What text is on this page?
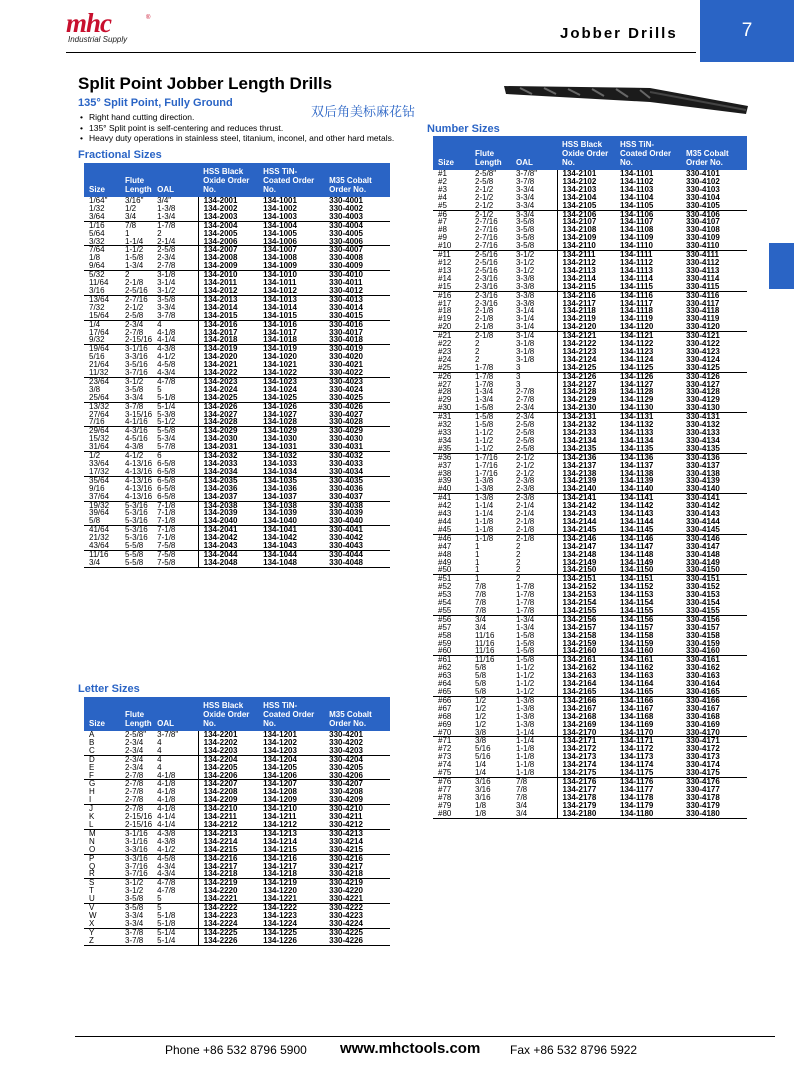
mhc	®
Industrial Supply	Jobber Drills	7
Split Point Jobber Length Drills
135° Split Point, Fully Ground
双后角美标麻花钻
• Right hand cutting direction.
• 135° Split point is self-centering and reduces thrust.
• Heavy duty operations in stainless steel, titanium, inconel, and other hard metals.
Fractional Sizes
Size	Flute Length	OAL	HSS Black Oxide Order No.	HSS TiN-Coated Order No.	M35 Cobalt Order No.
1/64"	3/16"	3/4"	134-2001	134-1001	330-4001
1/32	1/2	1-3/8	134-2002	134-1002	330-4002
3/64	3/4	1-3/4	134-2003	134-1003	330-4003
1/16	7/8	1-7/8	134-2004	134-1004	330-4004
5/64	1	2	134-2005	134-1005	330-4005
3/32	1-1/4	2-1/4	134-2006	134-1006	330-4006
7/64	1-1/2	2-5/8	134-2007	134-1007	330-4007
1/8	1-5/8	2-3/4	134-2008	134-1008	330-4008
9/64	1-3/4	2-7/8	134-2009	134-1009	330-4009
5/32	2	3-1/8	134-2010	134-1010	330-4010
11/64	2-1/8	3-1/4	134-2011	134-1011	330-4011
3/16	2-5/16	3-1/2	134-2012	134-1012	330-4012
13/64	2-7/16	3-5/8	134-2013	134-1013	330-4013
7/32	2-1/2	3-3/4	134-2014	134-1014	330-4014
15/64	2-5/8	3-7/8	134-2015	134-1015	330-4015
1/4	2-3/4	4	134-2016	134-1016	330-4016
17/64	2-7/8	4-1/8	134-2017	134-1017	330-4017
9/32	2-15/16	4-1/4	134-2018	134-1018	330-4018
19/64	3-1/16	4-3/8	134-2019	134-1019	330-4019
5/16	3-3/16	4-1/2	134-2020	134-1020	330-4020
21/64	3-5/16	4-5/8	134-2021	134-1021	330-4021
11/32	3-7/16	4-3/4	134-2022	134-1022	330-4022
23/64	3-1/2	4-7/8	134-2023	134-1023	330-4023
3/8	3-5/8	5	134-2024	134-1024	330-4024
25/64	3-3/4	5-1/8	134-2025	134-1025	330-4025
13/32	3-7/8	5-1/4	134-2026	134-1026	330-4026
27/64	3-15/16	5-3/8	134-2027	134-1027	330-4027
7/16	4-1/16	5-1/2	134-2028	134-1028	330-4028
29/64	4-3/16	5-5/8	134-2029	134-1029	330-4029
15/32	4-5/16	5-3/4	134-2030	134-1030	330-4030
31/64	4-3/8	5-7/8	134-2031	134-1031	330-4031
1/2	4-1/2	6	134-2032	134-1032	330-4032
33/64	4-13/16	6-5/8	134-2033	134-1033	330-4033
17/32	4-13/16	6-5/8	134-2034	134-1034	330-4034
35/64	4-13/16	6-5/8	134-2035	134-1035	330-4035
9/16	4-13/16	6-5/8	134-2036	134-1036	330-4036
37/64	4-13/16	6-5/8	134-2037	134-1037	330-4037
19/32	5-3/16	7-1/8	134-2038	134-1038	330-4038
39/64	5-3/16	7-1/8	134-2039	134-1039	330-4039
5/8	5-3/16	7-1/8	134-2040	134-1040	330-4040
41/64	5-3/16	7-1/8	134-2041	134-1041	330-4041
21/32	5-3/16	7-1/8	134-2042	134-1042	330-4042
43/64	5-5/8	7-5/8	134-2043	134-1043	330-4043
11/16	5-5/8	7-5/8	134-2044	134-1044	330-4044
3/4	5-5/8	7-5/8	134-2048	134-1048	330-4048
Letter Sizes
Size	Flute Length	OAL	HSS Black Oxide Order No.	HSS TiN-Coated Order No.	M35 Cobalt Order No.
A	2-5/8"	3-7/8"	134-2201	134-1201	330-4201
B	2-3/4	4	134-2202	134-1202	330-4202
C	2-3/4	4	134-2203	134-1203	330-4203
D	2-3/4	4	134-2204	134-1204	330-4204
E	2-3/4	4	134-2205	134-1205	330-4205
F	2-7/8	4-1/8	134-2206	134-1206	330-4206
G	2-7/8	4-1/8	134-2207	134-1207	330-4207
H	2-7/8	4-1/8	134-2208	134-1208	330-4208
I	2-7/8	4-1/8	134-2209	134-1209	330-4209
J	2-7/8	4-1/8	134-2210	134-1210	330-4210
K	2-15/16	4-1/4	134-2211	134-1211	330-4211
L	2-15/16	4-1/4	134-2212	134-1212	330-4212
M	3-1/16	4-3/8	134-2213	134-1213	330-4213
N	3-1/16	4-3/8	134-2214	134-1214	330-4214
O	3-3/16	4-1/2	134-2215	134-1215	330-4215
P	3-3/16	4-5/8	134-2216	134-1216	330-4216
Q	3-7/16	4-3/4	134-2217	134-1217	330-4217
R	3-7/16	4-3/4	134-2218	134-1218	330-4218
S	3-1/2	4-7/8	134-2219	134-1219	330-4219
T	3-1/2	4-7/8	134-2220	134-1220	330-4220
U	3-5/8	5	134-2221	134-1221	330-4221
V	3-5/8	5	134-2222	134-1222	330-4222
W	3-3/4	5-1/8	134-2223	134-1223	330-4223
X	3-3/4	5-1/8	134-2224	134-1224	330-4224
Y	3-7/8	5-1/4	134-2225	134-1225	330-4225
Z	3-7/8	5-1/4	134-2226	134-1226	330-4226
Number Sizes
Size	Flute Length	OAL	HSS Black Oxide Order No.	HSS TiN-Coated Order No.	M35 Cobalt Order No.
#1	2-5/8"	3-7/8"	134-2101	134-1101	330-4101
#2	2-5/8	3-7/8	134-2102	134-1102	330-4102
#3	2-1/2	3-3/4	134-2103	134-1103	330-4103
#4	2-1/2	3-3/4	134-2104	134-1104	330-4104
#5	2-1/2	3-3/4	134-2105	134-1105	330-4105
#6	2-1/2	3-3/4	134-2106	134-1106	330-4106
#7	2-7/16	3-5/8	134-2107	134-1107	330-4107
#8	2-7/16	3-5/8	134-2108	134-1108	330-4108
#9	2-7/16	3-5/8	134-2109	134-1109	330-4109
#10	2-7/16	3-5/8	134-2110	134-1110	330-4110
#11	2-5/16	3-1/2	134-2111	134-1111	330-4111
#12	2-5/16	3-1/2	134-2112	134-1112	330-4112
#13	2-5/16	3-1/2	134-2113	134-1113	330-4113
#14	2-3/16	3-3/8	134-2114	134-1114	330-4114
#15	2-3/16	3-3/8	134-2115	134-1115	330-4115
#16	2-3/16	3-3/8	134-2116	134-1116	330-4116
#17	2-3/16	3-3/8	134-2117	134-1117	330-4117
#18	2-1/8	3-1/4	134-2118	134-1118	330-4118
#19	2-1/8	3-1/4	134-2119	134-1119	330-4119
#20	2-1/8	3-1/4	134-2120	134-1120	330-4120
#21	2-1/8	3-1/4	134-2121	134-1121	330-4121
#22	2	3-1/8	134-2122	134-1122	330-4122
#23	2	3-1/8	134-2123	134-1123	330-4123
#24	2	3-1/8	134-2124	134-1124	330-4124
#25	1-7/8	3	134-2125	134-1125	330-4125
#26	1-7/8	3	134-2126	134-1126	330-4126
#27	1-7/8	3	134-2127	134-1127	330-4127
#28	1-3/4	2-7/8	134-2128	134-1128	330-4128
#29	1-3/4	2-7/8	134-2129	134-1129	330-4129
#30	1-5/8	2-3/4	134-2130	134-1130	330-4130
#31	1-5/8	2-3/4	134-2131	134-1131	330-4131
#32	1-5/8	2-5/8	134-2132	134-1132	330-4132
#33	1-1/2	2-5/8	134-2133	134-1133	330-4133
#34	1-1/2	2-5/8	134-2134	134-1134	330-4134
#35	1-1/2	2-5/8	134-2135	134-1135	330-4135
#36	1-7/16	2-1/2	134-2136	134-1136	330-4136
#37	1-7/16	2-1/2	134-2137	134-1137	330-4137
#38	1-7/16	2-1/2	134-2138	134-1138	330-4138
#39	1-3/8	2-3/8	134-2139	134-1139	330-4139
#40	1-3/8	2-3/8	134-2140	134-1140	330-4140
#41	1-3/8	2-3/8	134-2141	134-1141	330-4141
#42	1-1/4	2-1/4	134-2142	134-1142	330-4142
#43	1-1/4	2-1/4	134-2143	134-1143	330-4143
#44	1-1/8	2-1/8	134-2144	134-1144	330-4144
#45	1-1/8	2-1/8	134-2145	134-1145	330-4145
#46	1-1/8	2-1/8	134-2146	134-1146	330-4146
#47	1	2	134-2147	134-1147	330-4147
#48	1	2	134-2148	134-1148	330-4148
#49	1	2	134-2149	134-1149	330-4149
#50	1	2	134-2150	134-1150	330-4150
#51	1	2	134-2151	134-1151	330-4151
#52	7/8	1-7/8	134-2152	134-1152	330-4152
#53	7/8	1-7/8	134-2153	134-1153	330-4153
#54	7/8	1-7/8	134-2154	134-1154	330-4154
#55	7/8	1-7/8	134-2155	134-1155	330-4155
#56	3/4	1-3/4	134-2156	134-1156	330-4156
#57	3/4	1-3/4	134-2157	134-1157	330-4157
#58	11/16	1-5/8	134-2158	134-1158	330-4158
#59	11/16	1-5/8	134-2159	134-1159	330-4159
#60	11/16	1-5/8	134-2160	134-1160	330-4160
#61	11/16	1-5/8	134-2161	134-1161	330-4161
#62	5/8	1-1/2	134-2162	134-1162	330-4162
#63	5/8	1-1/2	134-2163	134-1163	330-4163
#64	5/8	1-1/2	134-2164	134-1164	330-4164
#65	5/8	1-1/2	134-2165	134-1165	330-4165
#66	1/2	1-3/8	134-2166	134-1166	330-4166
#67	1/2	1-3/8	134-2167	134-1167	330-4167
#68	1/2	1-3/8	134-2168	134-1168	330-4168
#69	1/2	1-3/8	134-2169	134-1169	330-4169
#70	3/8	1-1/4	134-2170	134-1170	330-4170
#71	3/8	1-1/4	134-2171	134-1171	330-4171
#72	5/16	1-1/8	134-2172	134-1172	330-4172
#73	5/16	1-1/8	134-2173	134-1173	330-4173
#74	1/4	1-1/8	134-2174	134-1174	330-4174
#75	1/4	1-1/8	134-2175	134-1175	330-4175
#76	3/16	7/8	134-2176	134-1176	330-4176
#77	3/16	7/8	134-2177	134-1177	330-4177
#78	3/16	7/8	134-2178	134-1178	330-4178
#79	1/8	3/4	134-2179	134-1179	330-4179
#80	1/8	3/4	134-2180	134-1180	330-4180
Phone +86 532 8796 5900 www.mhctools.com Fax +86 532 8796 5922
